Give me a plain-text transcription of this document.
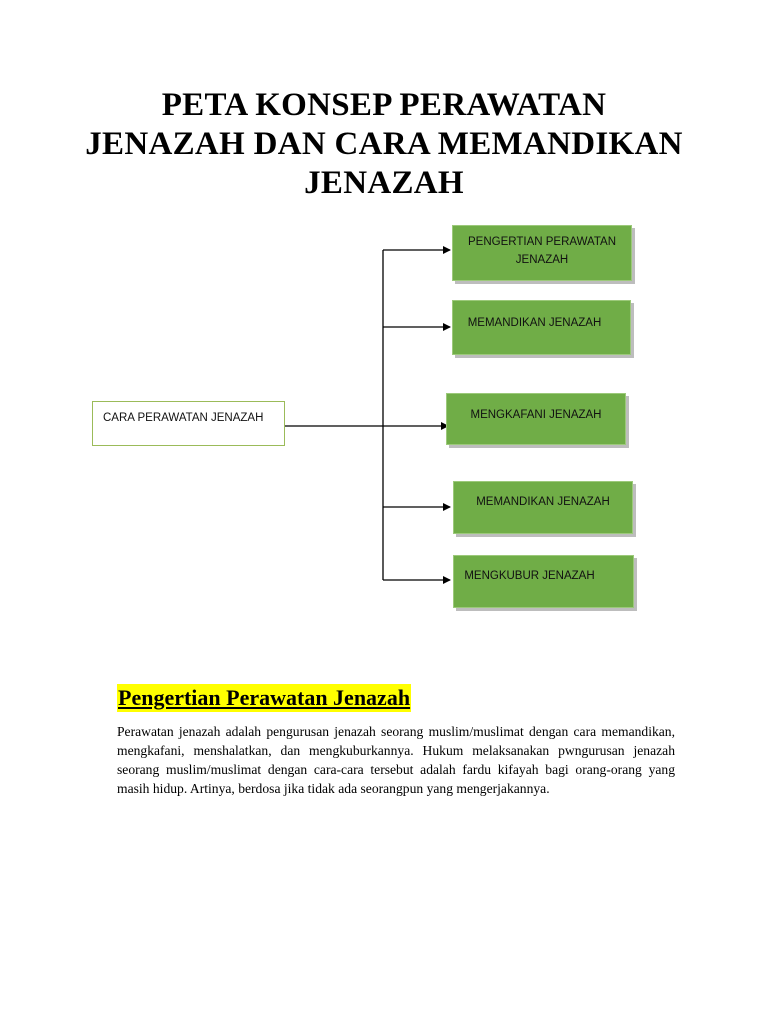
PETA KONSEP PERAWATAN
JENAZAH DAN CARA MEMANDIKAN
JENAZAH
CARA PERAWATAN JENAZAH
PENGERTIAN PERAWATAN
JENAZAH
MEMANDIKAN JENAZAH
MENGKAFANI JENAZAH
MEMANDIKAN JENAZAH
MENGKUBUR JENAZAH
Pengertian Perawatan Jenazah

Perawatan jenazah adalah pengurusan jenazah seorang muslim/muslimat dengan cara memandikan, mengkafani, menshalatkan, dan mengkuburkannya. Hukum melaksanakan pwngurusan jenazah seorang muslim/muslimat dengan cara-cara tersebut adalah fardu kifayah bagi orang-orang yang masih hidup. Artinya, berdosa jika tidak ada seorangpun yang mengerjakannya.
